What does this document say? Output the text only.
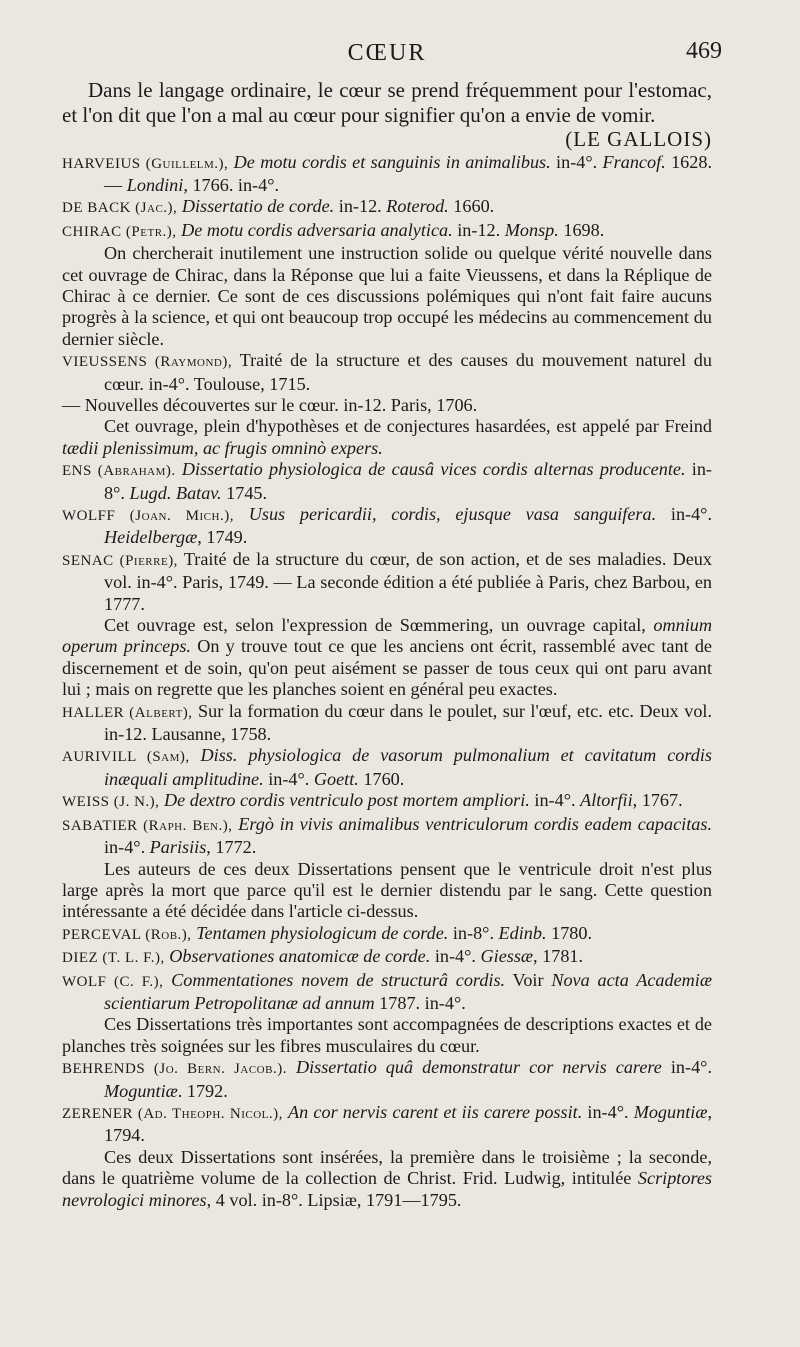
CŒUR	469

Dans le langage ordinaire, le cœur se prend fréquemment pour l'estomac, et l'on dit que l'on a mal au cœur pour signifier qu'on a envie de vomir.
(LE GALLOIS)

HARVEIUS (Guillelm.), De motu cordis et sanguinis in animalibus. in-4°. Francof. 1628. — Londini, 1766. in-4°.

DE BACK (Jac.), Dissertatio de corde. in-12. Roterod. 1660.

CHIRAC (Petr.), De motu cordis adversaria analytica. in-12. Monsp. 1698.

On chercherait inutilement une instruction solide ou quelque vérité nouvelle dans cet ouvrage de Chirac, dans la Réponse que lui a faite Vieussens, et dans la Réplique de Chirac à ce dernier. Ce sont de ces discussions polémiques qui n'ont fait faire aucuns progrès à la science, et qui ont beaucoup trop occupé les médecins au commencement du dernier siècle.

VIEUSSENS (Raymond), Traité de la structure et des causes du mouvement naturel du cœur. in-4°. Toulouse, 1715.

— Nouvelles découvertes sur le cœur. in-12. Paris, 1706.

Cet ouvrage, plein d'hypothèses et de conjectures hasardées, est appelé par Freind tædii plenissimum, ac frugis omninò expers.

ENS (Abraham). Dissertatio physiologica de causâ vices cordis alternas producente. in-8°. Lugd. Batav. 1745.

WOLFF (Joan. Mich.), Usus pericardii, cordis, ejusque vasa sanguifera. in-4°. Heidelbergæ, 1749.

SENAC (Pierre), Traité de la structure du cœur, de son action, et de ses maladies. Deux vol. in-4°. Paris, 1749. — La seconde édition a été publiée à Paris, chez Barbou, en 1777.

Cet ouvrage est, selon l'expression de Sœmmering, un ouvrage capital, omnium operum princeps. On y trouve tout ce que les anciens ont écrit, rassemblé avec tant de discernement et de soin, qu'on peut aisément se passer de tous ceux qui ont paru avant lui ; mais on regrette que les planches soient en général peu exactes.

HALLER (Albert), Sur la formation du cœur dans le poulet, sur l'œuf, etc. etc. Deux vol. in-12. Lausanne, 1758.

AURIVILL (Sam), Diss. physiologica de vasorum pulmonalium et cavitatum cordis inæquali amplitudine. in-4°. Goett. 1760.

WEISS (J. N.), De dextro cordis ventriculo post mortem ampliori. in-4°. Altorfii, 1767.

SABATIER (Raph. Ben.), Ergò in vivis animalibus ventriculorum cordis eadem capacitas. in-4°. Parisiis, 1772.

Les auteurs de ces deux Dissertations pensent que le ventricule droit n'est plus large après la mort que parce qu'il est le dernier distendu par le sang. Cette question intéressante a été décidée dans l'article ci-dessus.

PERCEVAL (Rob.), Tentamen physiologicum de corde. in-8°. Edinb. 1780.

DIEZ (T. L. F.), Observationes anatomicæ de corde. in-4°. Giessæ, 1781.

WOLF (C. F.), Commentationes novem de structurâ cordis. Voir Nova acta Academiæ scientiarum Petropolitanæ ad annum 1787. in-4°.

Ces Dissertations très importantes sont accompagnées de descriptions exactes et de planches très soignées sur les fibres musculaires du cœur.

BEHRENDS (Jo. Bern. Jacob.). Dissertatio quâ demonstratur cor nervis carere in-4°. Moguntiæ. 1792.

ZERENER (Ad. Theoph. Nicol.), An cor nervis carent et iis carere possit. in-4°. Moguntiæ, 1794.

Ces deux Dissertations sont insérées, la première dans le troisième ; la seconde, dans le quatrième volume de la collection de Christ. Frid. Ludwig, intitulée Scriptores nevrologici minores, 4 vol. in-8°. Lipsiæ, 1791—1795.
